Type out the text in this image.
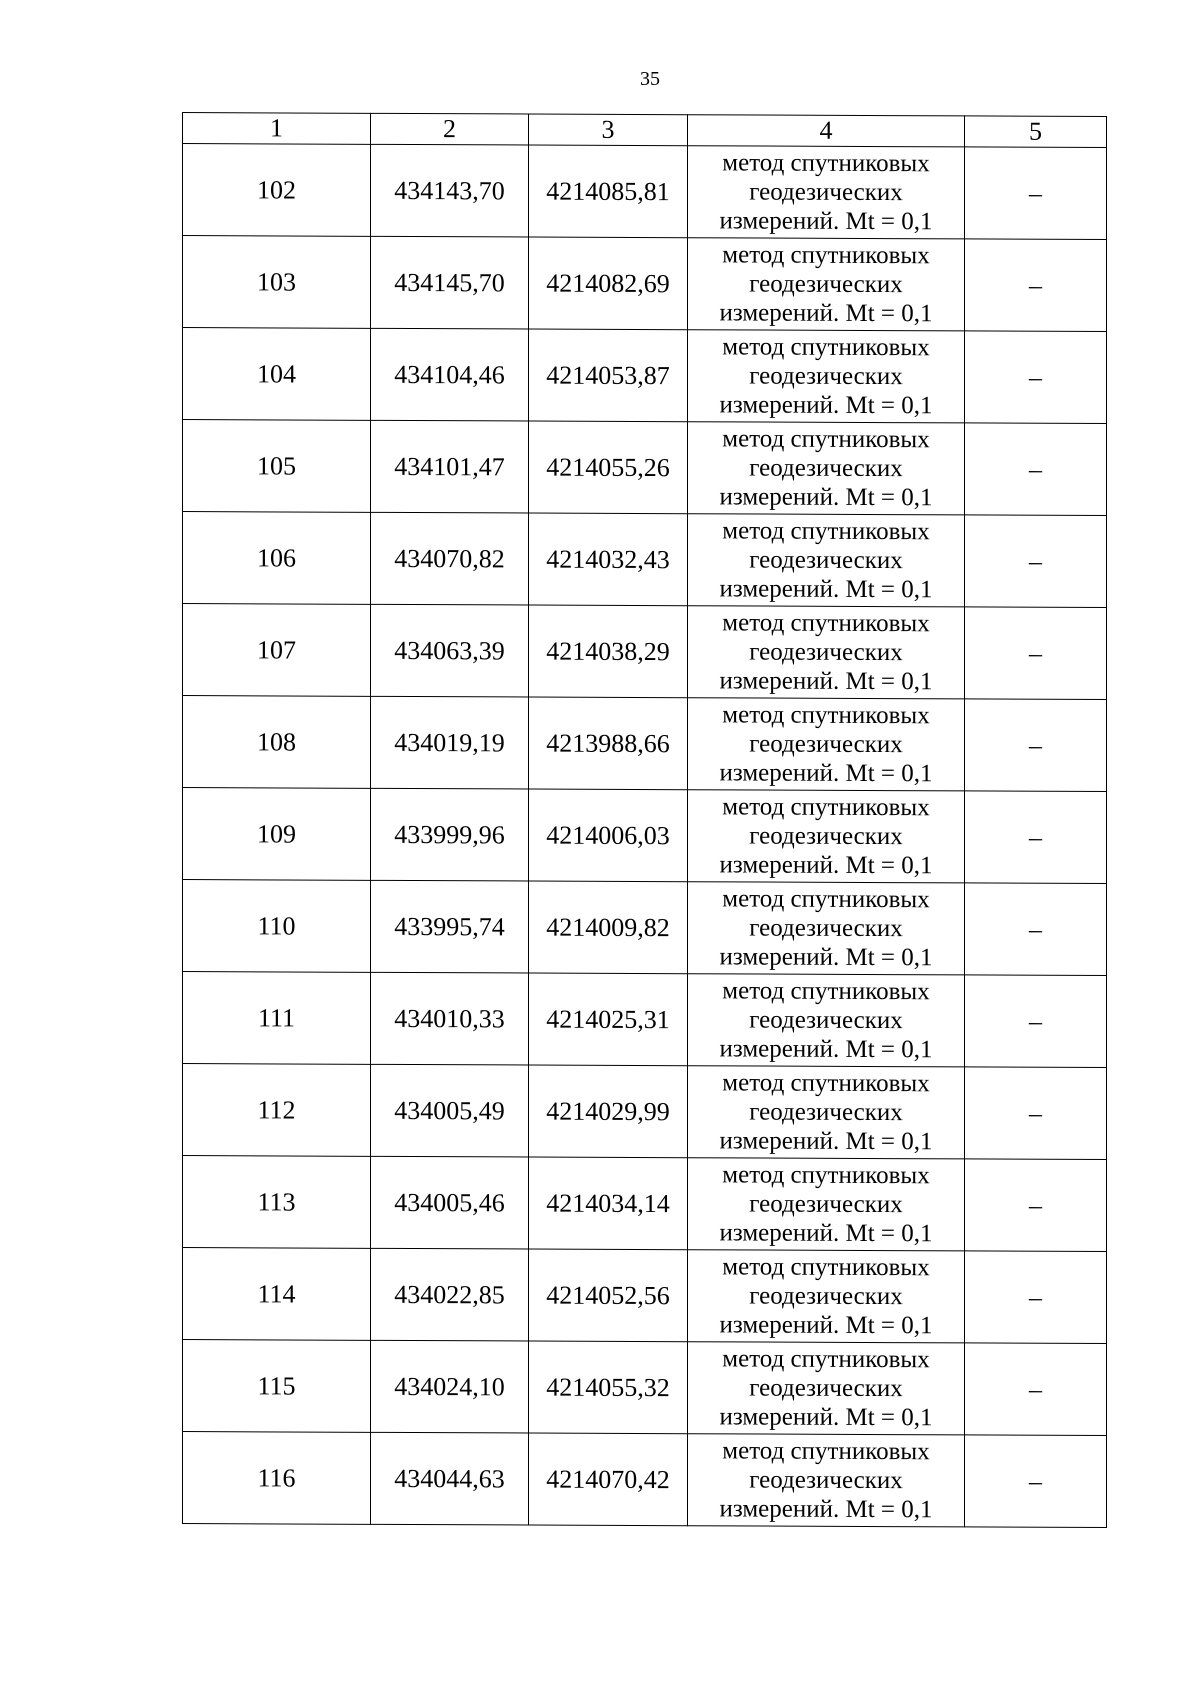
35
1	2	3	4	5
102	434143,70	4214085,81	метод спутниковых
геодезических
измерений. Mt = 0,1	–
103	434145,70	4214082,69	метод спутниковых
геодезических
измерений. Mt = 0,1	–
104	434104,46	4214053,87	метод спутниковых
геодезических
измерений. Mt = 0,1	–
105	434101,47	4214055,26	метод спутниковых
геодезических
измерений. Mt = 0,1	–
106	434070,82	4214032,43	метод спутниковых
геодезических
измерений. Mt = 0,1	–
107	434063,39	4214038,29	метод спутниковых
геодезических
измерений. Mt = 0,1	–
108	434019,19	4213988,66	метод спутниковых
геодезических
измерений. Mt = 0,1	–
109	433999,96	4214006,03	метод спутниковых
геодезических
измерений. Mt = 0,1	–
110	433995,74	4214009,82	метод спутниковых
геодезических
измерений. Mt = 0,1	–
111	434010,33	4214025,31	метод спутниковых
геодезических
измерений. Mt = 0,1	–
112	434005,49	4214029,99	метод спутниковых
геодезических
измерений. Mt = 0,1	–
113	434005,46	4214034,14	метод спутниковых
геодезических
измерений. Mt = 0,1	–
114	434022,85	4214052,56	метод спутниковых
геодезических
измерений. Mt = 0,1	–
115	434024,10	4214055,32	метод спутниковых
геодезических
измерений. Mt = 0,1	–
116	434044,63	4214070,42	метод спутниковых
геодезических
измерений. Mt = 0,1	–
